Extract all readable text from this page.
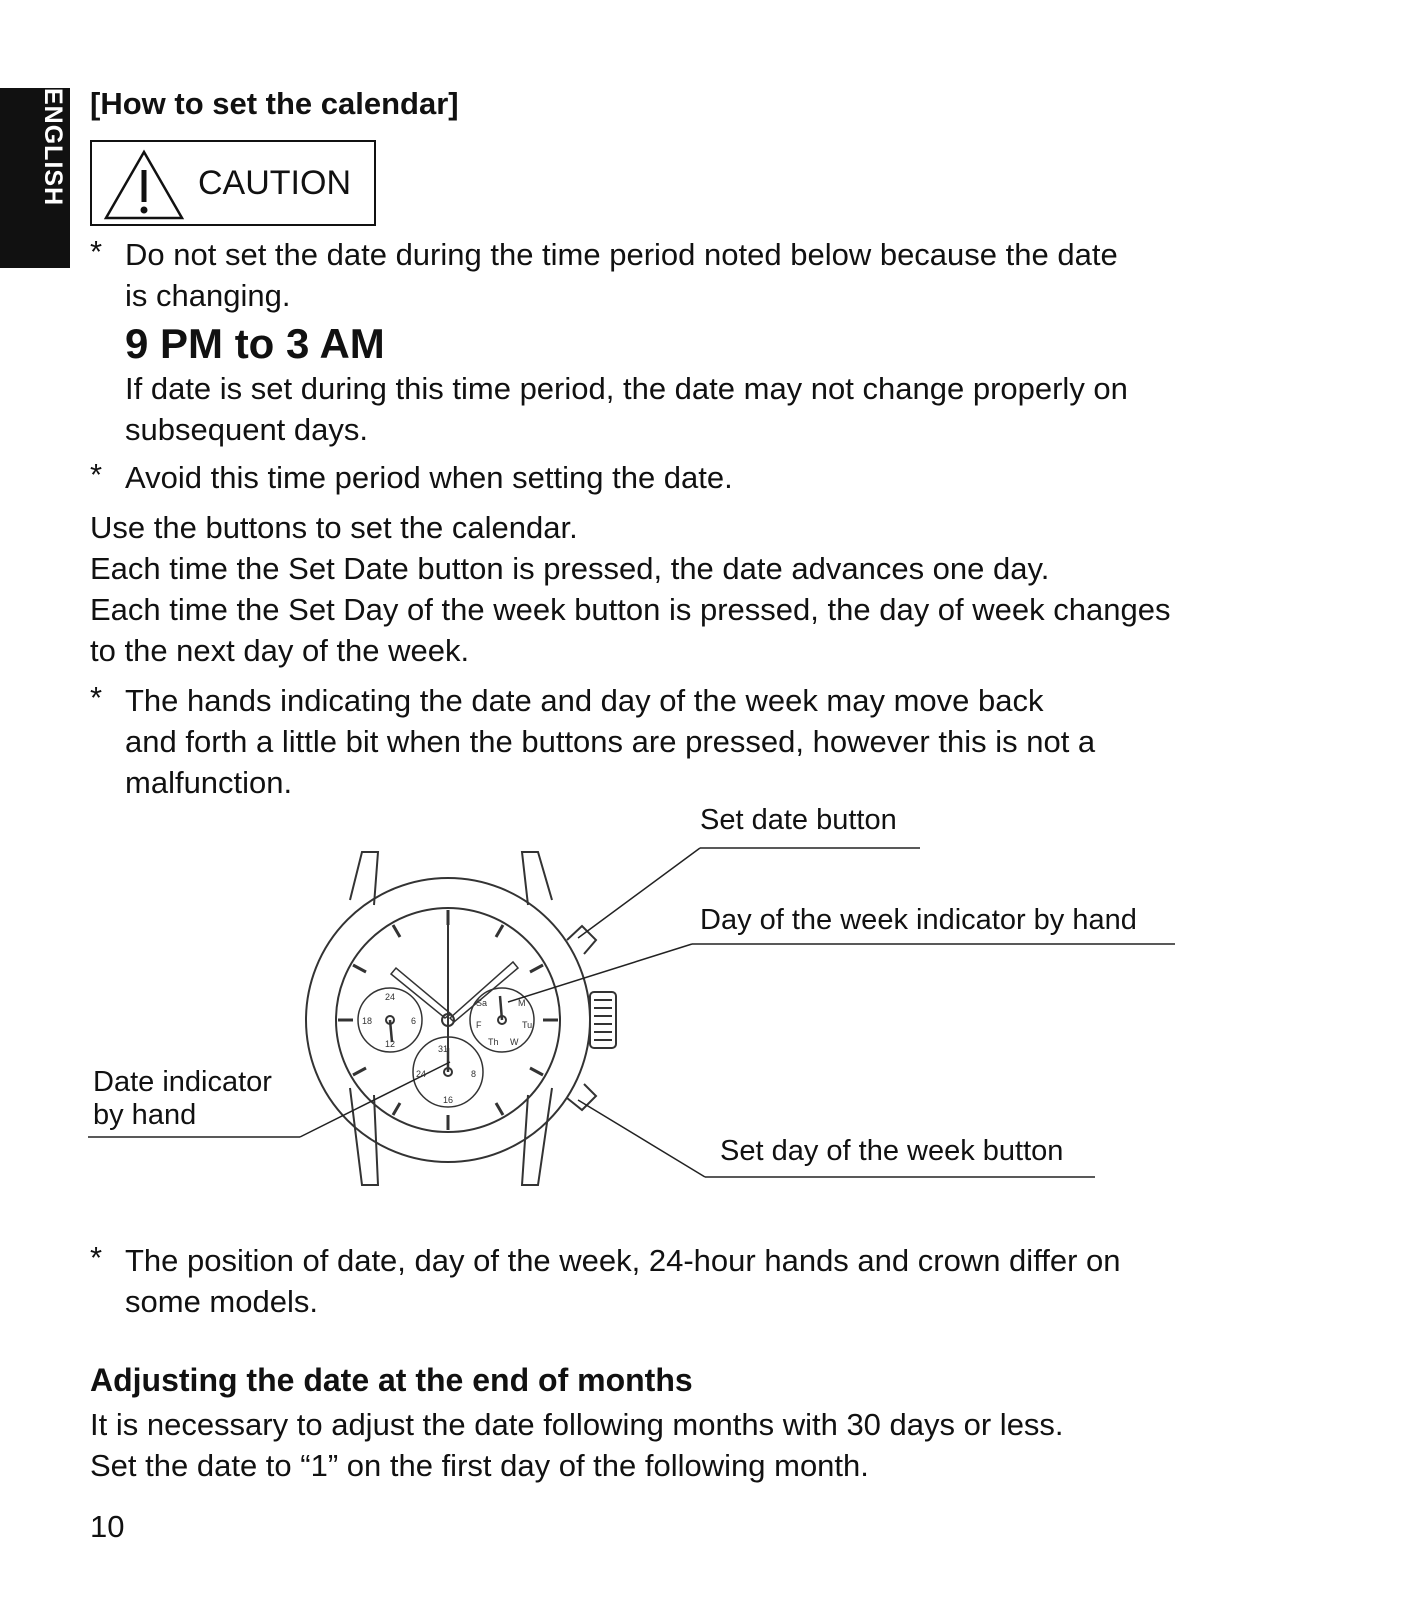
ENGLISH [How to set the calendar]
CAUTION
* Do not set the date during the time period noted below because the date
is changing.
9 PM to 3 AM
If date is set during this time period, the date may not change properly on
subsequent days.
* Avoid this time period when setting the date.
Use the buttons to set the calendar.
Each time the Set Date button is pressed, the date advances one day.
Each time the Set Day of the week button is pressed, the day of week changes
to the next day of the week.
* The hands indicating the date and day of the week may move back
and forth a little bit when the buttons are pressed, however this is not a
malfunction.
24
6
12
18
Sa	M
Tu
W
Th
F
31
8
16
24
Set date button
Day of the week indicator by hand
Date indicator
by hand
Set day of the week button
* The position of date, day of the week, 24-hour hands and crown differ on
some models.
Adjusting the date at the end of months
It is necessary to adjust the date following months with 30 days or less.
Set the date to “1” on the first day of the following month.
10
